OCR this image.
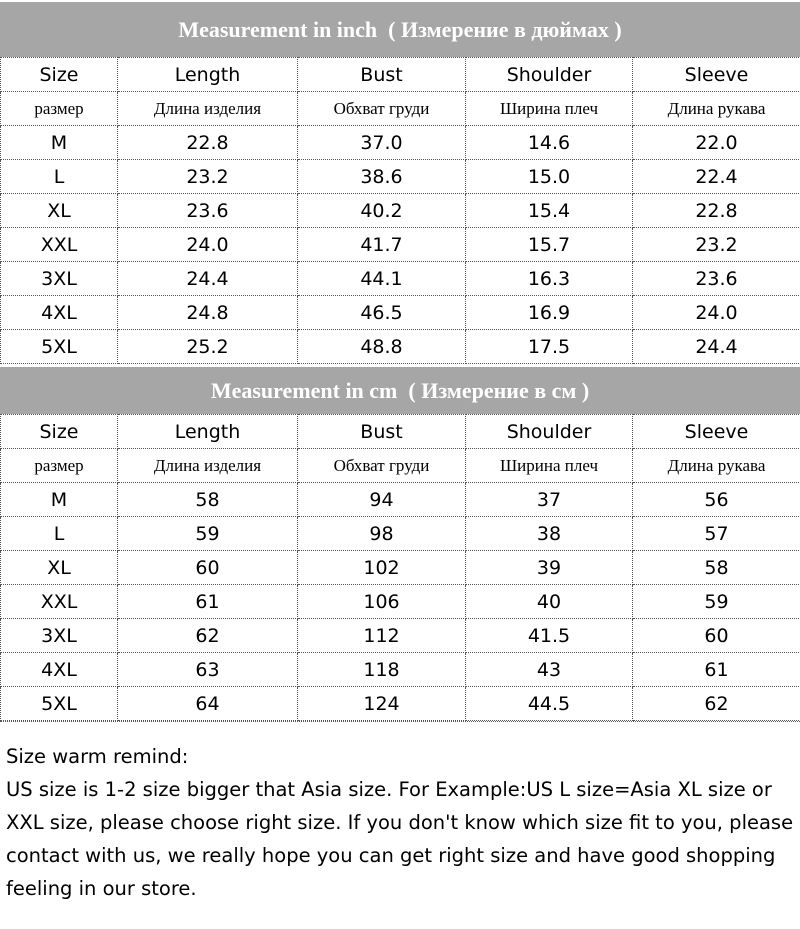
Measurement in inch  ( Измерение в дюймах )
Size	Length	Bust	Shoulder	Sleeve
размер	Длина изделия	Обхват груди	Ширина плеч	Длина рукава
M	22.8	37.0	14.6	22.0
L	23.2	38.6	15.0	22.4
XL	23.6	40.2	15.4	22.8
XXL	24.0	41.7	15.7	23.2
3XL	24.4	44.1	16.3	23.6
4XL	24.8	46.5	16.9	24.0
5XL	25.2	48.8	17.5	24.4
Measurement in cm  ( Измерение в см )
Size	Length	Bust	Shoulder	Sleeve
размер	Длина изделия	Обхват груди	Ширина плеч	Длина рукава
M	58	94	37	56
L	59	98	38	57
XL	60	102	39	58
XXL	61	106	40	59
3XL	62	112	41.5	60
4XL	63	118	43	61
5XL	64	124	44.5	62
Size warm remind:
US size is 1-2 size bigger that Asia size. For Example:US L size=Asia XL size or
XXL size, please choose right size. If you don't know which size fit to you, please
contact with us, we really hope you can get right size and have good shopping
feeling in our store.
